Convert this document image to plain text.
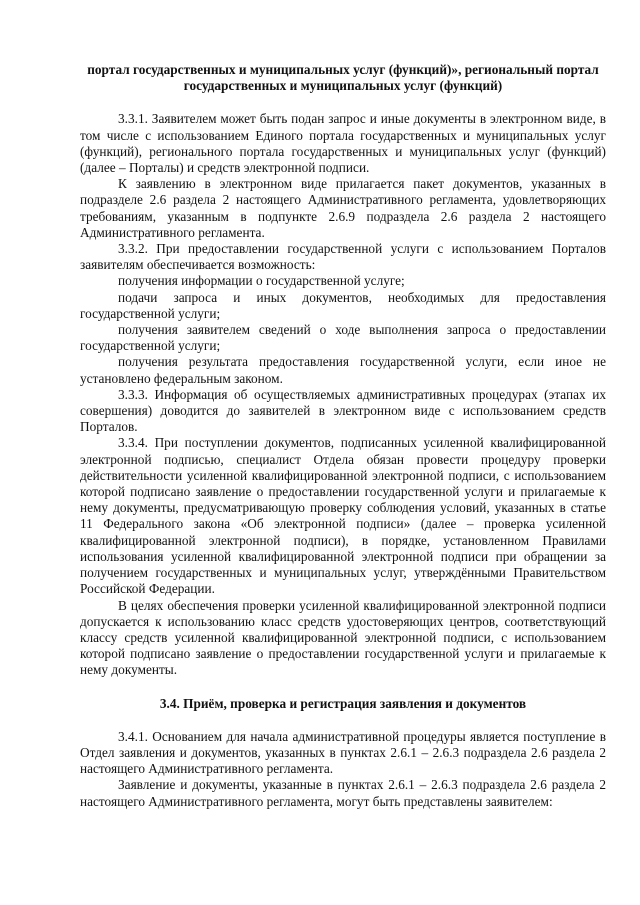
портал государственных и муниципальных услуг (функций)», региональный портал государственных и муниципальных услуг (функций)

3.3.1. Заявителем может быть подан запрос и иные документы в электронном виде, в том числе с использованием Единого портала государственных и муниципальных услуг (функций), регионального портала государственных и муниципальных услуг (функций) (далее – Порталы) и средств электронной подписи.

К заявлению в электронном виде прилагается пакет документов, указанных в подразделе 2.6 раздела 2 настоящего Административного регламента, удовлетворяющих требованиям, указанным в подпункте 2.6.9 подраздела 2.6 раздела 2 настоящего Административного регламента.

3.3.2. При предоставлении государственной услуги с использованием Порталов заявителям обеспечивается возможность:

получения информации о государственной услуге;

подачи запроса и иных документов, необходимых для предоставления государственной услуги;

получения заявителем сведений о ходе выполнения запроса о предоставлении государственной услуги;

получения результата предоставления государственной услуги, если иное не установлено федеральным законом.

3.3.3. Информация об осуществляемых административных процедурах (этапах их совершения) доводится до заявителей в электронном виде с использованием средств Порталов.

3.3.4. При поступлении документов, подписанных усиленной квалифицированной электронной подписью, специалист Отдела обязан провести процедуру проверки действительности усиленной квалифицированной электронной подписи, с использованием которой подписано заявление о предоставлении государственной услуги и прилагаемые к нему документы, предусматривающую проверку соблюдения условий, указанных в статье 11 Федерального закона «Об электронной подписи» (далее – проверка усиленной квалифицированной электронной подписи), в порядке, установленном Правилами использования усиленной квалифицированной электронной подписи при обращении за получением государственных и муниципальных услуг, утверждёнными Правительством Российской Федерации.

В целях обеспечения проверки усиленной квалифицированной электронной подписи допускается к использованию класс средств удостоверяющих центров, соответствующий классу средств усиленной квалифицированной электронной подписи, с использованием которой подписано заявление о предоставлении государственной услуги и прилагаемые к нему документы.

3.4. Приём, проверка и регистрация заявления и документов

3.4.1. Основанием для начала административной процедуры является поступление в Отдел заявления и документов, указанных в пунктах 2.6.1 – 2.6.3 подраздела 2.6 раздела 2 настоящего Административного регламента.

Заявление и документы, указанные в пунктах 2.6.1 – 2.6.3 подраздела 2.6 раздела 2 настоящего Административного регламента, могут быть представлены заявителем:
